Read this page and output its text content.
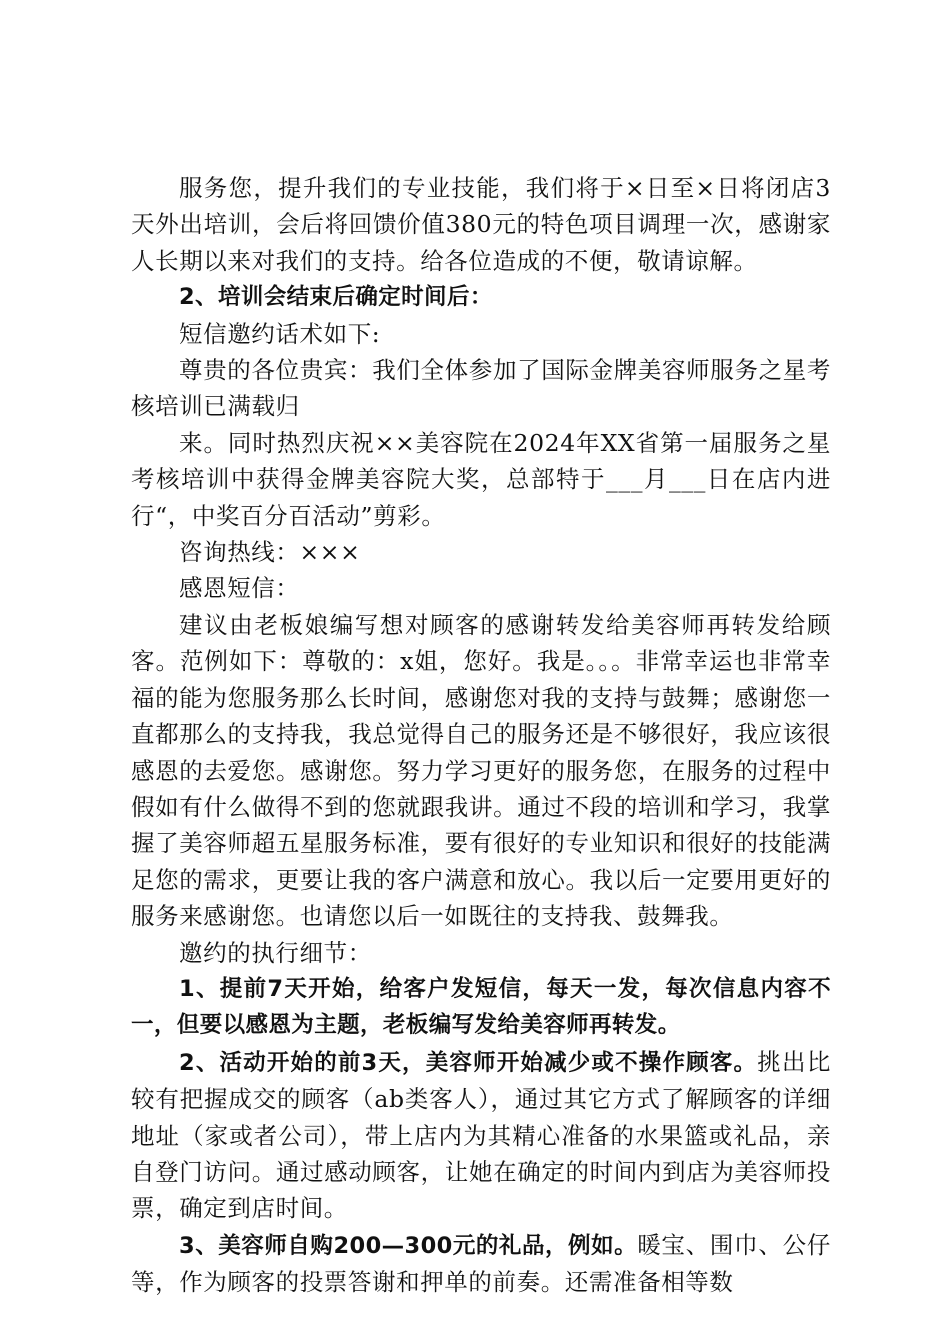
服务您，提升我们的专业技能，我们将于×日至×日将闭店3天外出培训，会后将回馈价值380元的特色项目调理一次，感谢家人长期以来对我们的支持。给各位造成的不便，敬请谅解。

2、培训会结束后确定时间后：

短信邀约话术如下:

尊贵的各位贵宾：我们全体参加了国际金牌美容师服务之星考核培训已满载归

来。同时热烈庆祝××美容院在2024年XX省第一届服务之星考核培训中获得金牌美容院大奖，总部特于___月___日在店内进行“，中奖百分百活动”剪彩。

咨询热线：×××

感恩短信：

建议由老板娘编写想对顾客的感谢转发给美容师再转发给顾客。范例如下：尊敬的：x姐，您好。我是。。。非常幸运也非常幸福的能为您服务那么长时间，感谢您对我的支持与鼓舞；感谢您一直都那么的支持我，我总觉得自己的服务还是不够很好，我应该很感恩的去爱您。感谢您。努力学习更好的服务您，在服务的过程中假如有什么做得不到的您就跟我讲。通过不段的培训和学习，我掌握了美容师超五星服务标准，要有很好的专业知识和很好的技能满足您的需求，更要让我的客户满意和放心。我以后一定要用更好的服务来感谢您。也请您以后一如既往的支持我、鼓舞我。

邀约的执行细节：

1、提前7天开始，给客户发短信，每天一发，每次信息内容不一，但要以感恩为主题，老板编写发给美容师再转发。

2、活动开始的前3天，美容师开始减少或不操作顾客。挑出比较有把握成交的顾客（ab类客人），通过其它方式了解顾客的详细地址（家或者公司），带上店内为其精心准备的水果篮或礼品，亲自登门访问。通过感动顾客，让她在确定的时间内到店为美容师投票，确定到店时间。

3、美容师自购200—300元的礼品，例如。暖宝、围巾、公仔等，作为顾客的投票答谢和押单的前奏。还需准备相等数
